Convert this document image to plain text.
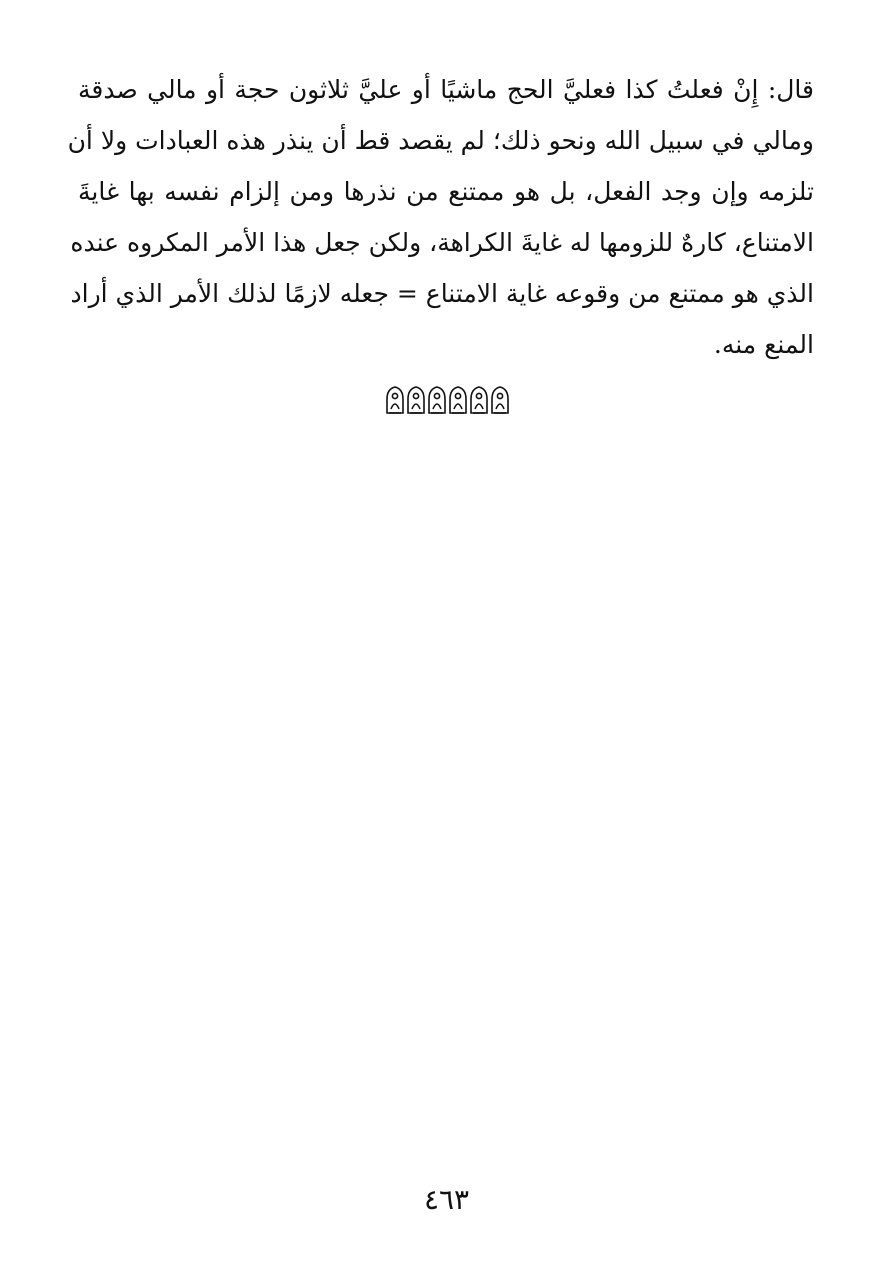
قال: إِنْ فعلتُ كذا فعليَّ الحج ماشيًا أو عليَّ ثلاثون حجة أو مالي صدقة
ومالي في سبيل الله ونحو ذلك؛ لم يقصد قط أن ينذر هذه العبادات ولا أن
تلزمه وإن وجد الفعل، بل هو ممتنع من نذرها ومن إلزام نفسه بها غايةَ
الامتناع، كارهٌ للزومها له غايةَ الكراهة، ولكن جعل هذا الأمر المكروه عنده
الذي هو ممتنع من وقوعه غاية الامتناع = جعله لازمًا لذلك الأمر الذي أراد
المنع منه.
٤٦٣
